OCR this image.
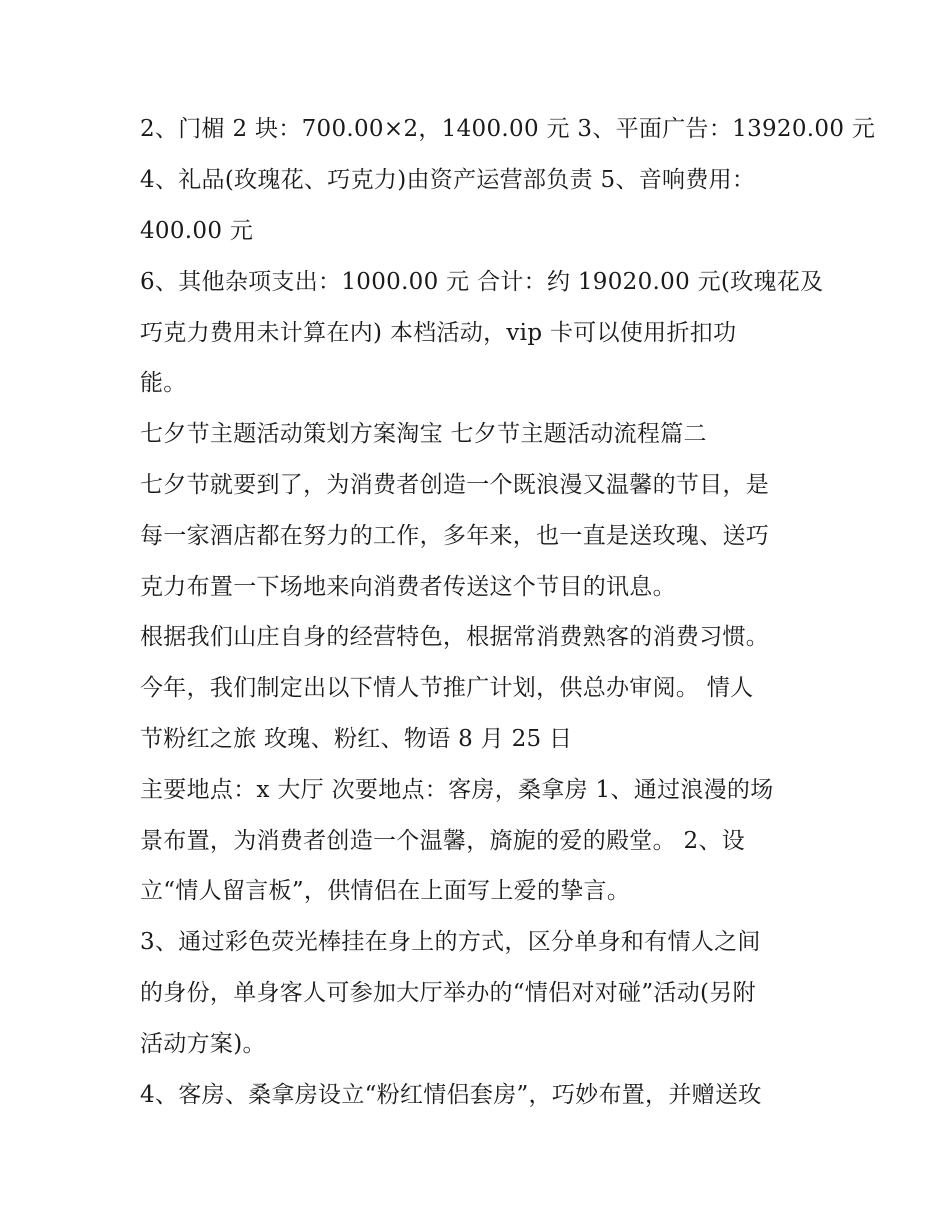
2、门楣 2 块：700.00×2，1400.00 元 3、平面广告：13920.00 元
4、礼品(玫瑰花、巧克力)由资产运营部负责 5、音响费用：
400.00 元
6、其他杂项支出：1000.00 元 合计：约 19020.00 元(玫瑰花及
巧克力费用未计算在内) 本档活动，vip 卡可以使用折扣功
能。
七夕节主题活动策划方案淘宝 七夕节主题活动流程篇二
七夕节就要到了，为消费者创造一个既浪漫又温馨的节目，是
每一家酒店都在努力的工作，多年来，也一直是送玫瑰、送巧
克力布置一下场地来向消费者传送这个节目的讯息。
根据我们山庄自身的经营特色，根据常消费熟客的消费习惯。
今年，我们制定出以下情人节推广计划，供总办审阅。 情人
节粉红之旅 玫瑰、粉红、物语 8 月 25 日
主要地点：x 大厅 次要地点：客房，桑拿房 1、通过浪漫的场
景布置，为消费者创造一个温馨，旖旎的爱的殿堂。 2、设
立“情人留言板”，供情侣在上面写上爱的挚言。
3、通过彩色荧光棒挂在身上的方式，区分单身和有情人之间
的身份，单身客人可参加大厅举办的“情侣对对碰”活动(另附
活动方案)。
4、客房、桑拿房设立“粉红情侣套房”，巧妙布置，并赠送玫
